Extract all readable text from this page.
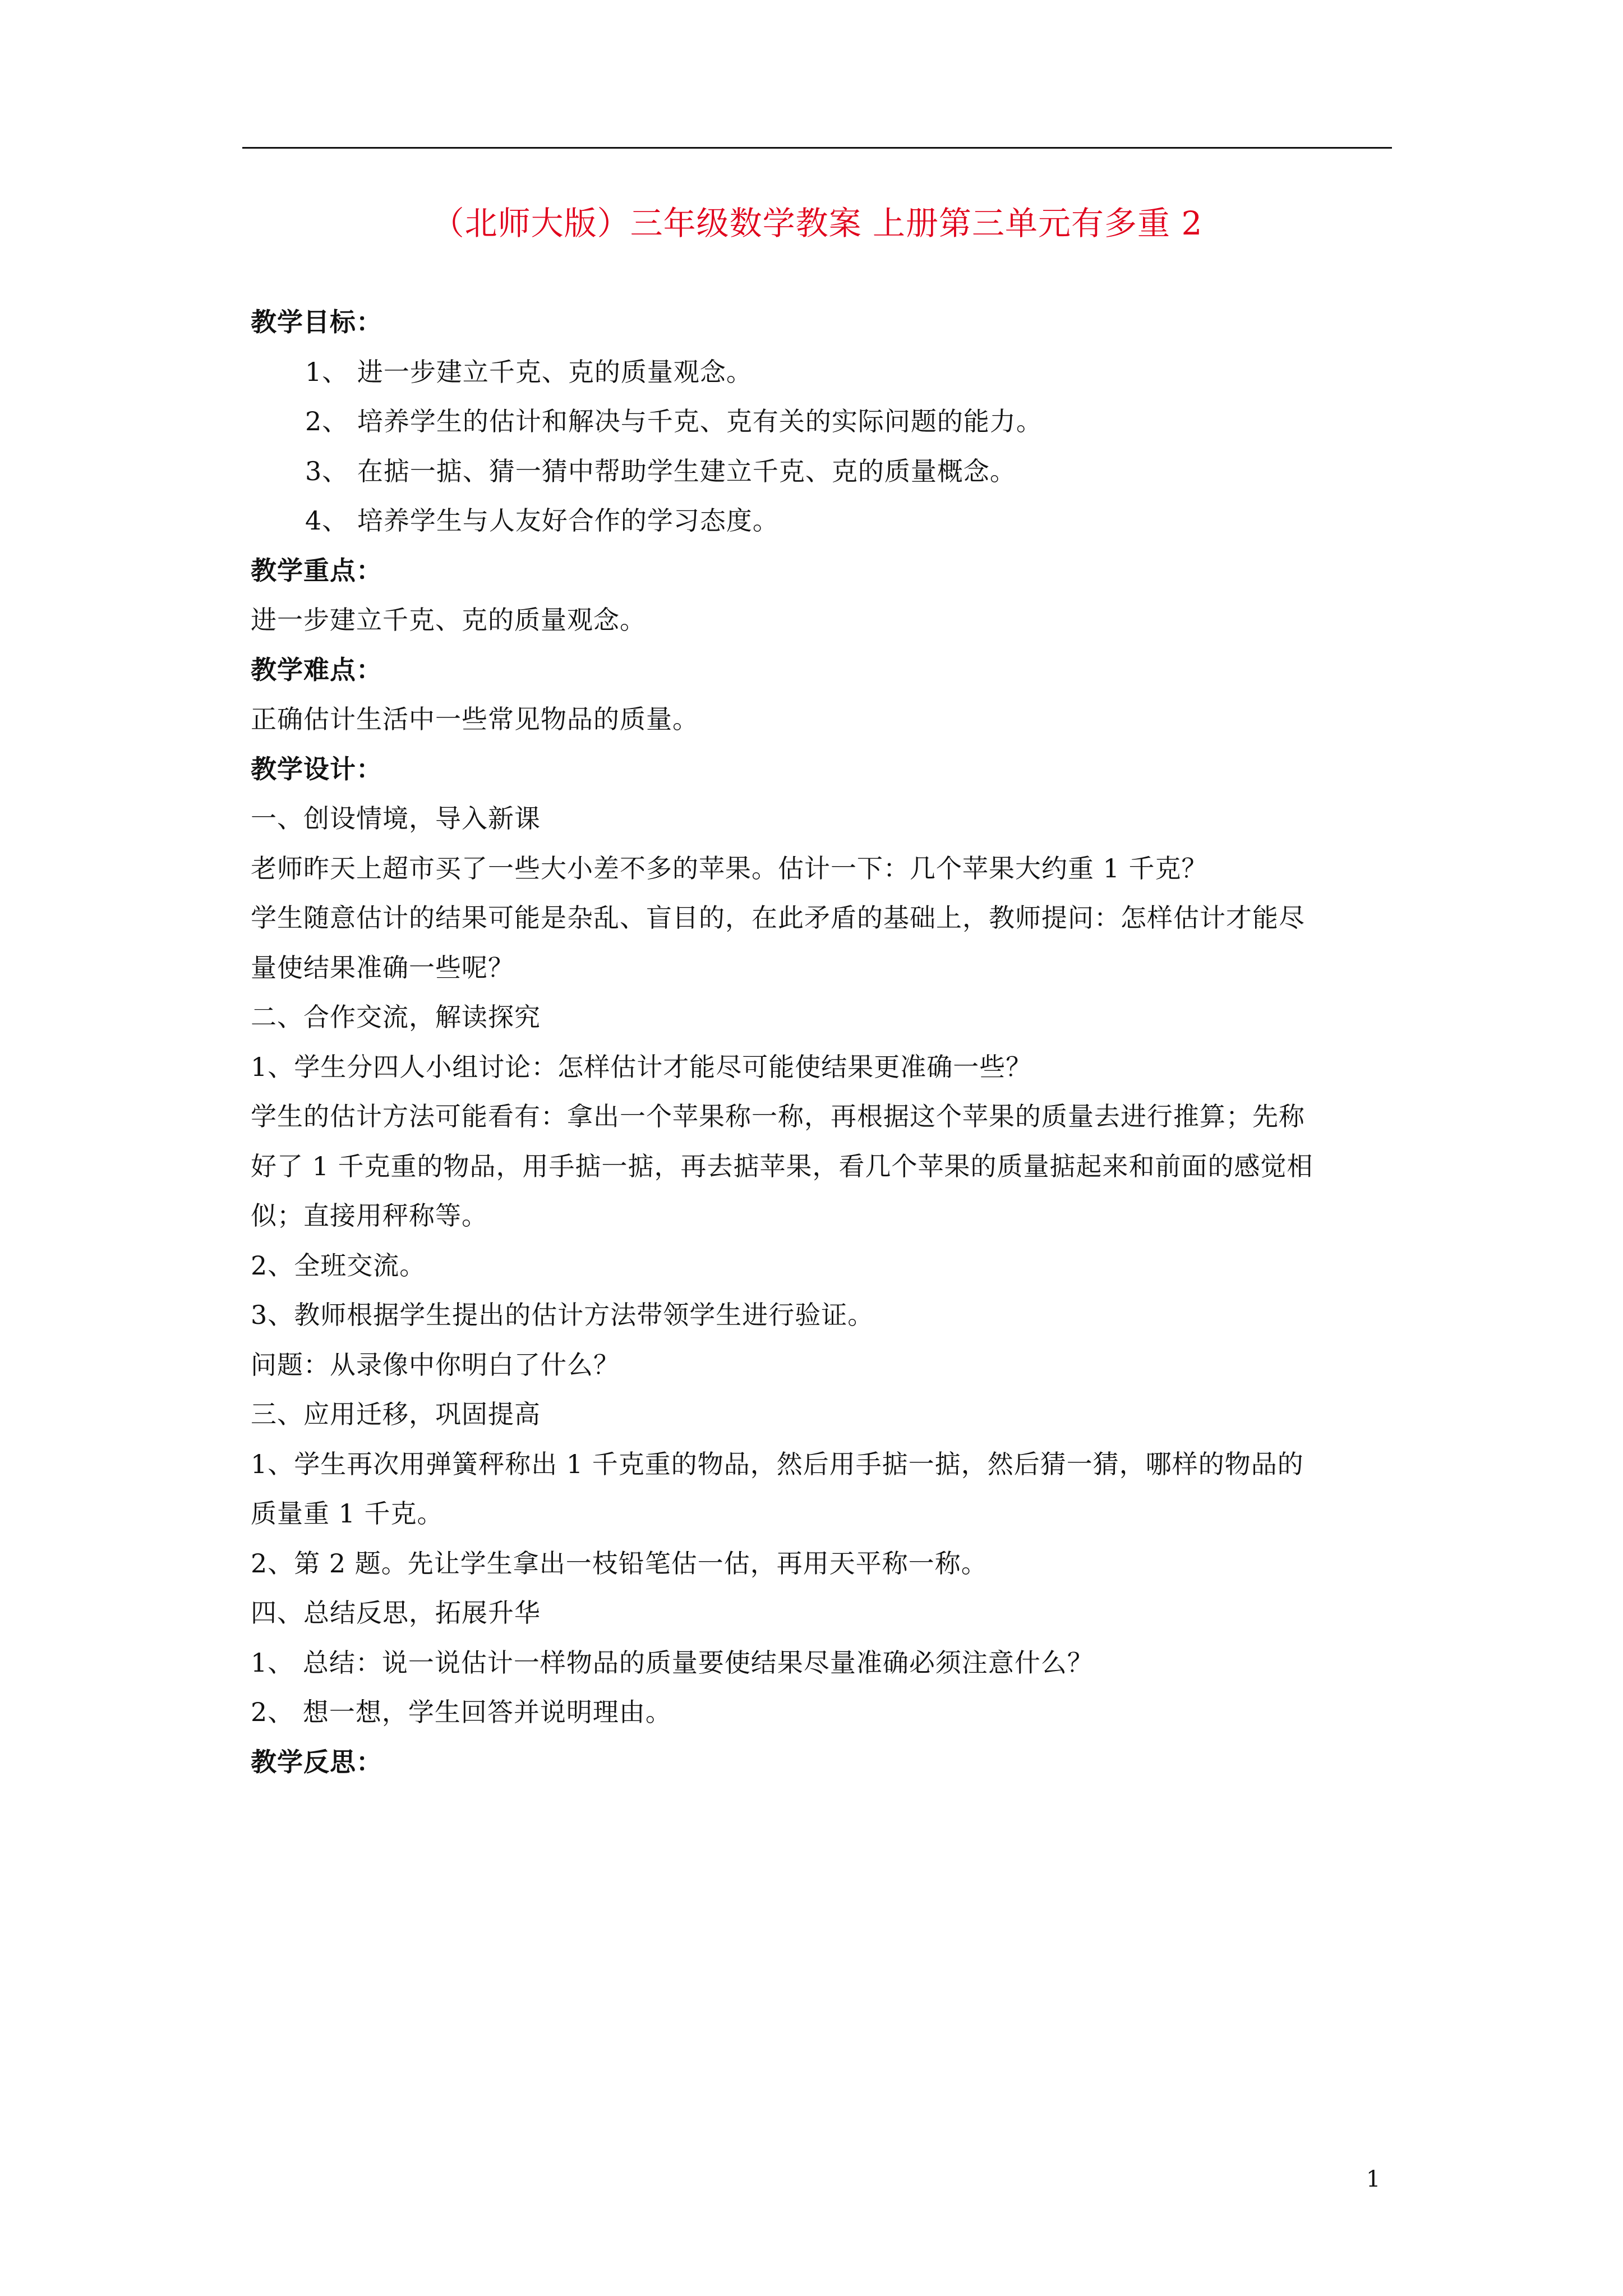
（北师大版）三年级数学教案 上册第三单元有多重 2
教学目标：
1、 进一步建立千克、克的质量观念。
2、 培养学生的估计和解决与千克、克有关的实际问题的能力。
3、 在掂一掂、猜一猜中帮助学生建立千克、克的质量概念。
4、 培养学生与人友好合作的学习态度。
教学重点：
进一步建立千克、克的质量观念。
教学难点：
正确估计生活中一些常见物品的质量。
教学设计：
一、创设情境，导入新课
老师昨天上超市买了一些大小差不多的苹果。估计一下：几个苹果大约重 1 千克？
学生随意估计的结果可能是杂乱、盲目的，在此矛盾的基础上，教师提问：怎样估计才能尽
量使结果准确一些呢？
二、合作交流，解读探究
1、学生分四人小组讨论：怎样估计才能尽可能使结果更准确一些？
学生的估计方法可能看有：拿出一个苹果称一称，再根据这个苹果的质量去进行推算；先称
好了 1 千克重的物品，用手掂一掂，再去掂苹果，看几个苹果的质量掂起来和前面的感觉相
似；直接用秤称等。
2、全班交流。
3、教师根据学生提出的估计方法带领学生进行验证。
问题：从录像中你明白了什么？
三、应用迁移，巩固提高
1、学生再次用弹簧秤称出 1 千克重的物品，然后用手掂一掂，然后猜一猜，哪样的物品的
质量重 1 千克。
2、第 2 题。先让学生拿出一枝铅笔估一估，再用天平称一称。
四、总结反思，拓展升华
1、 总结：说一说估计一样物品的质量要使结果尽量准确必须注意什么？
2、 想一想，学生回答并说明理由。
教学反思：
1
